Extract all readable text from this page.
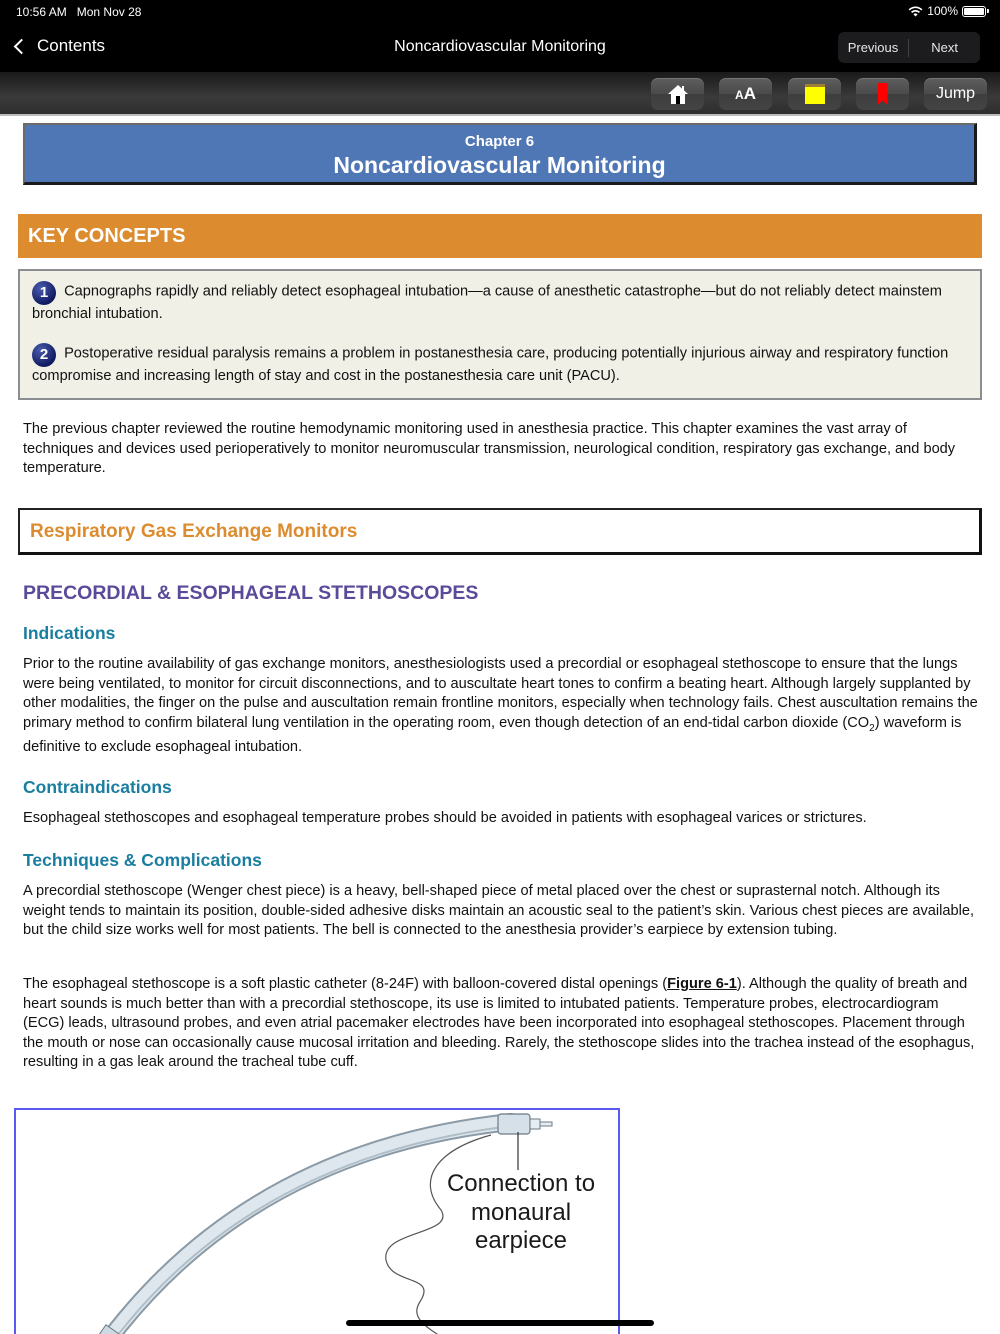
10:56 AM Mon Nov 28	100%
Contents	Noncardiovascular Monitoring	Previous	Next
AA	Jump
Chapter 6
Noncardiovascular Monitoring
KEY CONCEPTS
1 Capnographs rapidly and reliably detect esophageal intubation—a cause of anesthetic catastrophe—but do not reliably detect mainstem bronchial intubation.
2 Postoperative residual paralysis remains a problem in postanesthesia care, producing potentially injurious airway and respiratory function compromise and increasing length of stay and cost in the postanesthesia care unit (PACU).

The previous chapter reviewed the routine hemodynamic monitoring used in anesthesia practice. This chapter examines the vast array of techniques and devices used perioperatively to monitor neuromuscular transmission, neurological condition, respiratory gas exchange, and body temperature.

Respiratory Gas Exchange Monitors
PRECORDIAL & ESOPHAGEAL STETHOSCOPES
Indications

Prior to the routine availability of gas exchange monitors, anesthesiologists used a precordial or esophageal stethoscope to ensure that the lungs were being ventilated, to monitor for circuit disconnections, and to auscultate heart tones to confirm a beating heart. Although largely supplanted by other modalities, the finger on the pulse and auscultation remain frontline monitors, especially when technology fails. Chest auscultation remains the primary method to confirm bilateral lung ventilation in the operating room, even though detection of an end-tidal carbon dioxide $(CO_2)$ waveform is definitive to exclude esophageal intubation.

Contraindications

Esophageal stethoscopes and esophageal temperature probes should be avoided in patients with esophageal varices or strictures.

Techniques & Complications

A precordial stethoscope (Wenger chest piece) is a heavy, bell-shaped piece of metal placed over the chest or suprasternal notch. Although its weight tends to maintain its position, double-sided adhesive disks maintain an acoustic seal to the patient’s skin. Various chest pieces are available, but the child size works well for most patients. The bell is connected to the anesthesia provider’s earpiece by extension tubing.

The esophageal stethoscope is a soft plastic catheter (8-24F) with balloon-covered distal openings (Figure 6-1). Although the quality of breath and heart sounds is much better than with a precordial stethoscope, its use is limited to intubated patients. Temperature probes, electrocardiogram (ECG) leads, ultrasound probes, and even atrial pacemaker electrodes have been incorporated into esophageal stethoscopes. Placement through the mouth or nose can occasionally cause mucosal irritation and bleeding. Rarely, the stethoscope slides into the trachea instead of the esophagus, resulting in a gas leak around the tracheal tube cuff.

Connection to
monaural
earpiece
